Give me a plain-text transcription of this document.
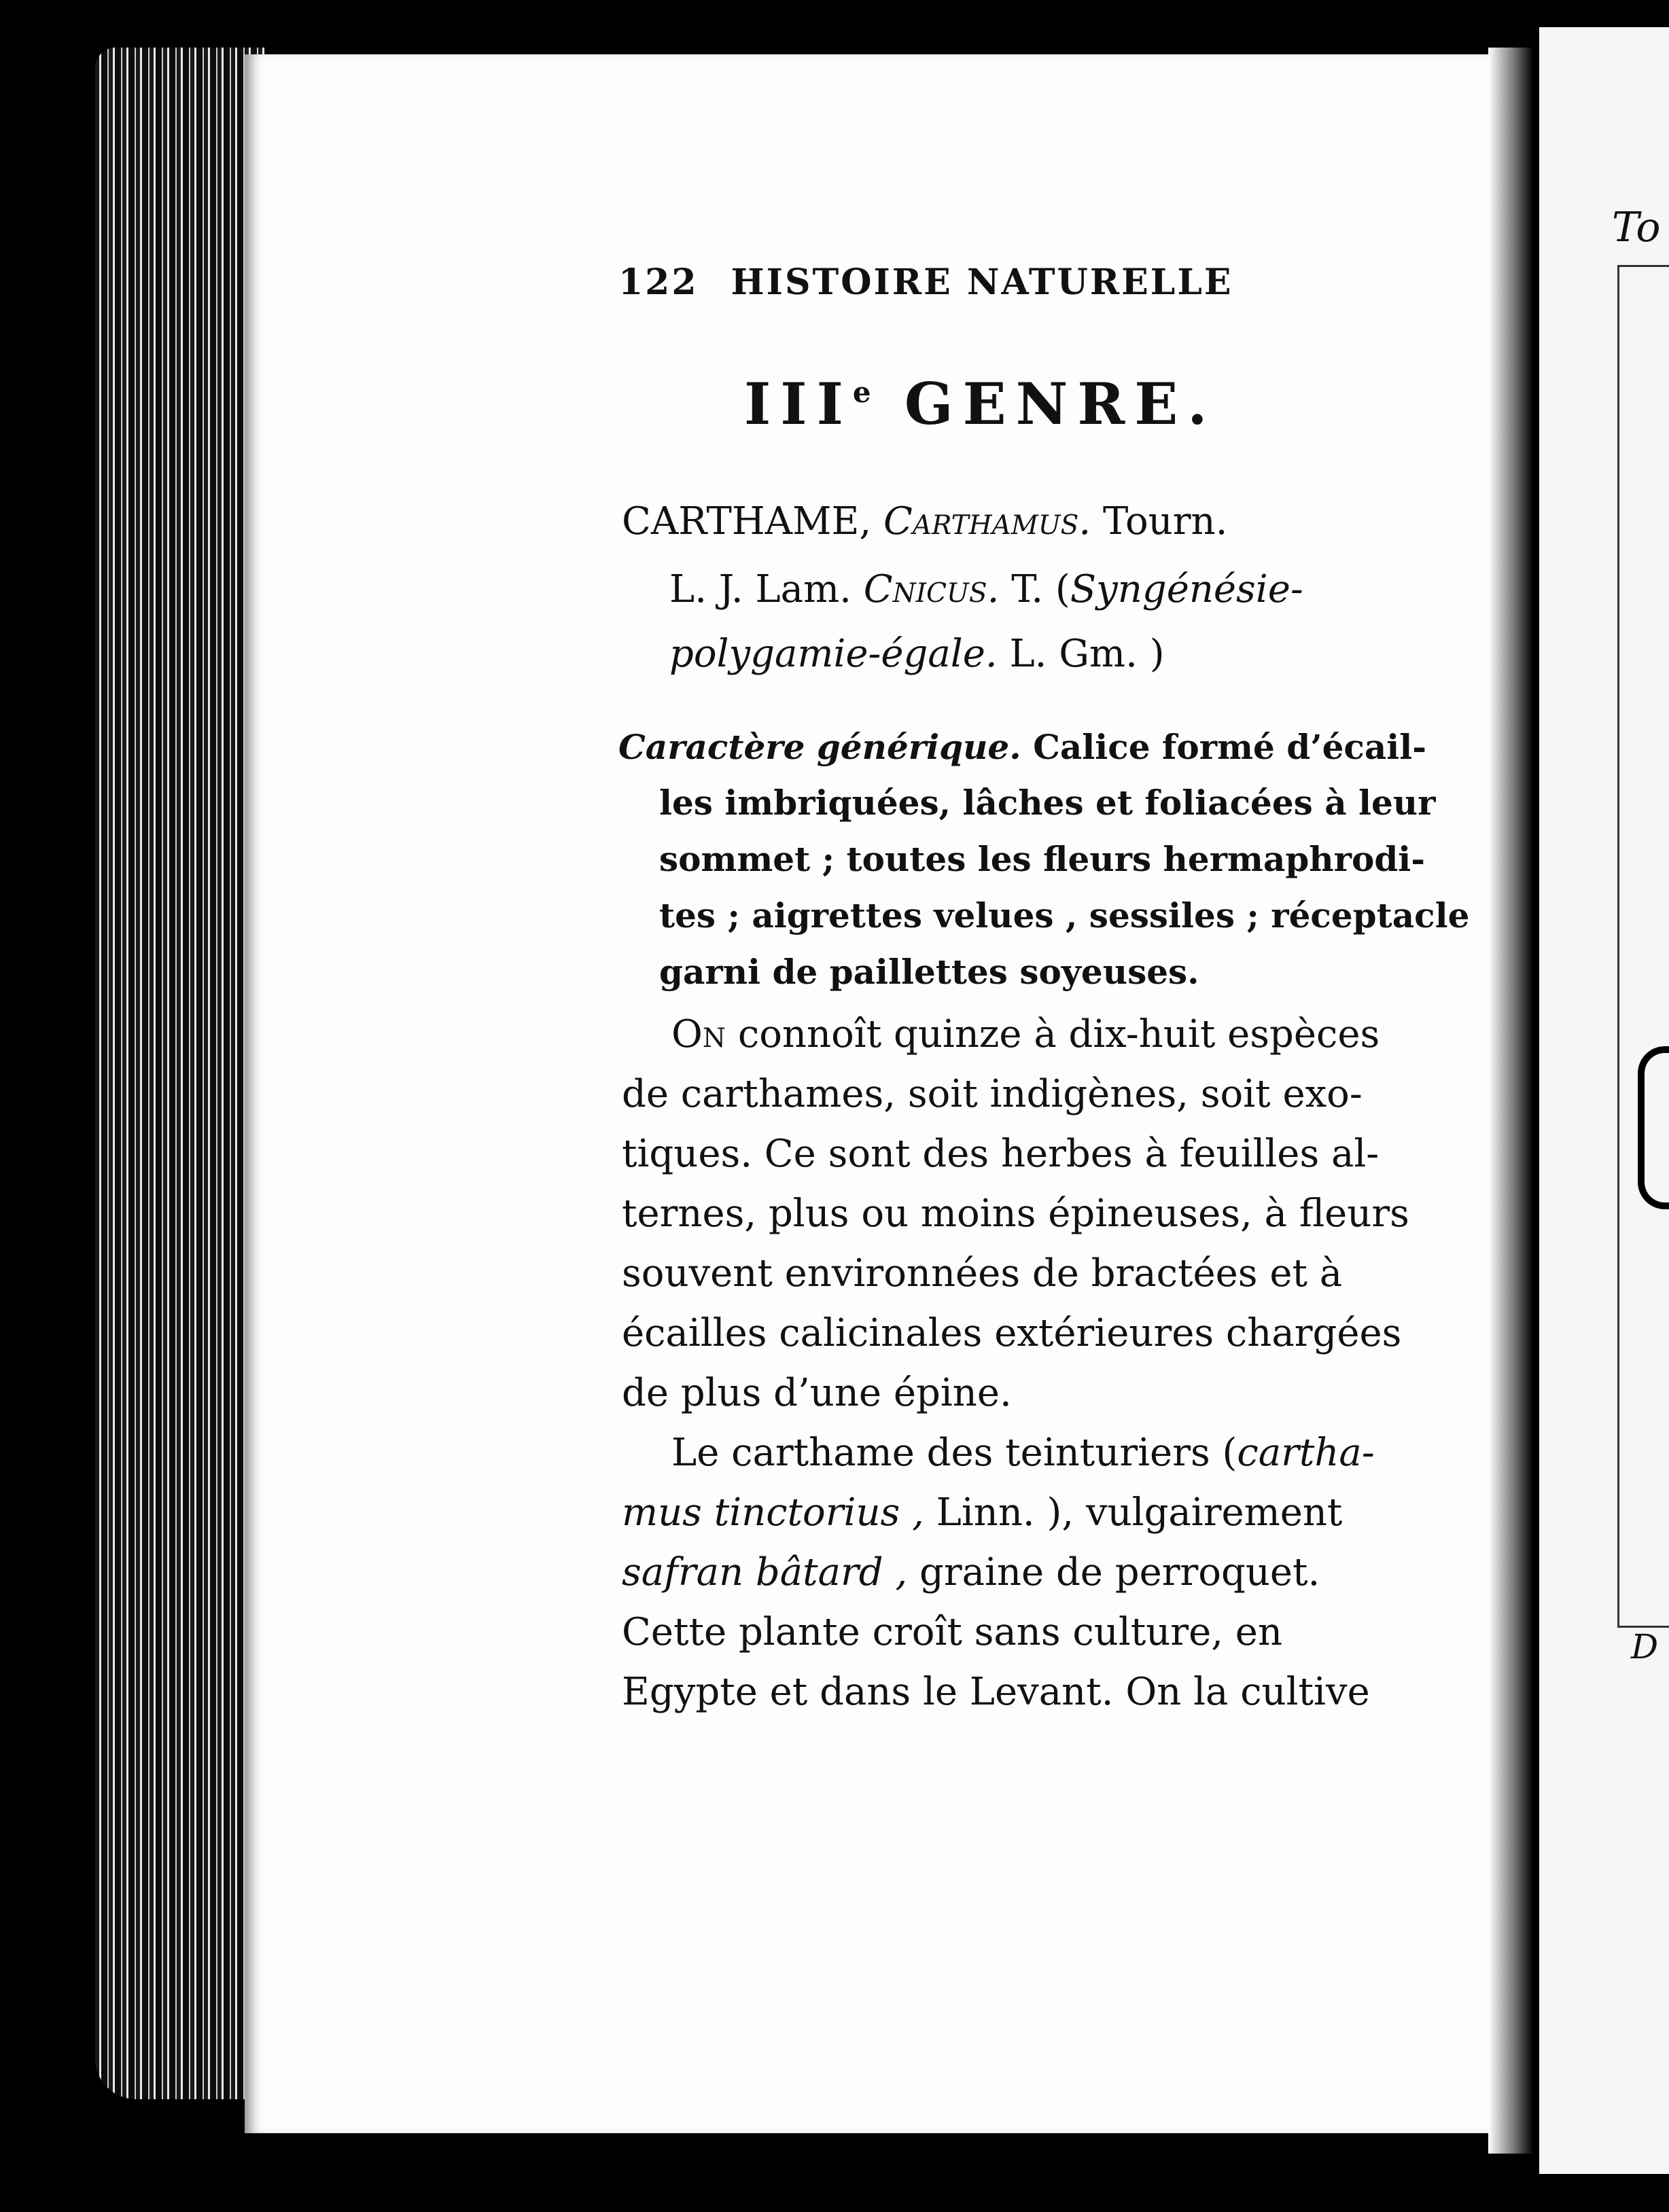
To
D
122 HISTOIRE NATURELLE
IIIe GENRE.
CARTHAME, Carthamus. Tourn.
L. J. Lam. Cnicus. T. (Syngénésie-
polygamie-égale. L. Gm. )
Caractère générique. Calice formé d’écail-
les imbriquées, lâches et foliacées à leur
sommet ; toutes les fleurs hermaphrodi-
tes ; aigrettes velues , sessiles ; réceptacle
garni de paillettes soyeuses.
On connoît quinze à dix-huit espèces
de carthames, soit indigènes, soit exo-
tiques. Ce sont des herbes à feuilles al-
ternes, plus ou moins épineuses, à fleurs
souvent environnées de bractées et à
écailles calicinales extérieures chargées
de plus d’une épine.
Le carthame des teinturiers (cartha-
mus tinctorius , Linn. ), vulgairement
safran bâtard , graine de perroquet.
Cette plante croît sans culture, en
Egypte et dans le Levant. On la cultive
